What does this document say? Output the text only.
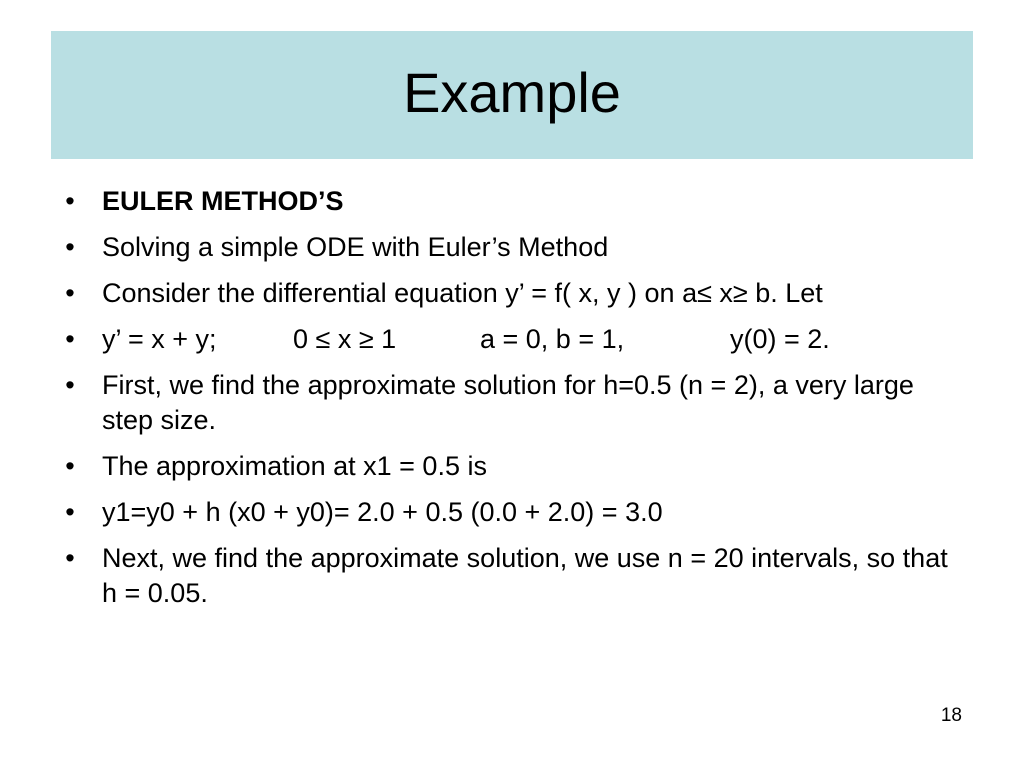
Example
• EULER METHOD’S
• Solving a simple ODE with Euler’s Method
• Consider the differential equation y’ = f( x, y ) on a≤ x≥ b. Let
• y’ = x + y;	0 ≤ x ≥ 1	a = 0, b = 1,	y(0) = 2.
• First, we find the approximate solution for h=0.5 (n = 2), a very large step size.
• The approximation at x1 = 0.5 is
• y1=y0 + h (x0 + y0)= 2.0 + 0.5 (0.0 + 2.0) = 3.0
• Next, we find the approximate solution, we use n = 20 intervals, so that h = 0.05.
18
